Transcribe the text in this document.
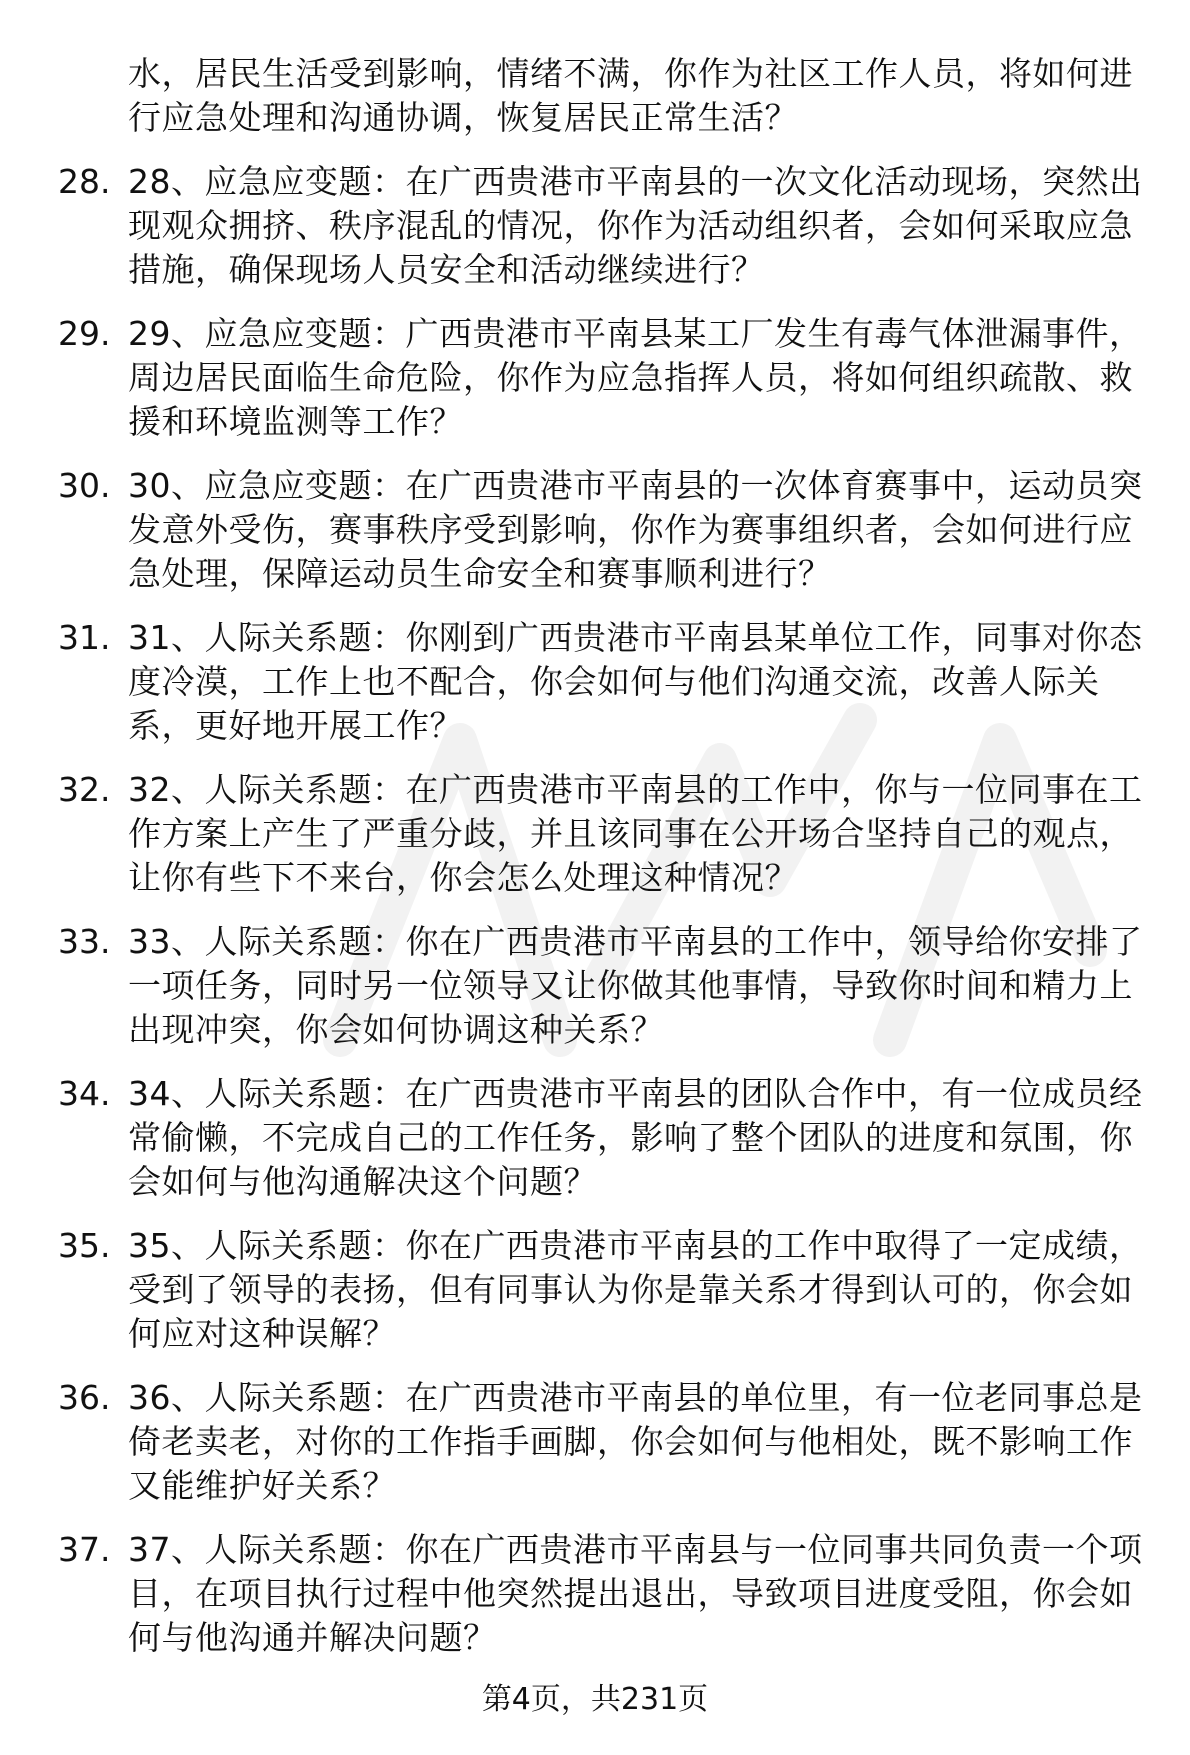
水，居民生活受到影响，情绪不满，你作为社区工作人员，将如何进行应急处理和沟通协调，恢复居民正常生活？
28. 28、应急应变题：在广西贵港市平南县的一次文化活动现场，突然出现观众拥挤、秩序混乱的情况，你作为活动组织者，会如何采取应急措施，确保现场人员安全和活动继续进行？
29. 29、应急应变题：广西贵港市平南县某工厂发生有毒气体泄漏事件，周边居民面临生命危险，你作为应急指挥人员，将如何组织疏散、救援和环境监测等工作？
30. 30、应急应变题：在广西贵港市平南县的一次体育赛事中，运动员突发意外受伤，赛事秩序受到影响，你作为赛事组织者，会如何进行应急处理，保障运动员生命安全和赛事顺利进行？
31. 31、人际关系题：你刚到广西贵港市平南县某单位工作，同事对你态度冷漠，工作上也不配合，你会如何与他们沟通交流，改善人际关系，更好地开展工作？
32. 32、人际关系题：在广西贵港市平南县的工作中，你与一位同事在工作方案上产生了严重分歧，并且该同事在公开场合坚持自己的观点，让你有些下不来台，你会怎么处理这种情况？
33. 33、人际关系题：你在广西贵港市平南县的工作中，领导给你安排了一项任务，同时另一位领导又让你做其他事情，导致你时间和精力上出现冲突，你会如何协调这种关系？
34. 34、人际关系题：在广西贵港市平南县的团队合作中，有一位成员经常偷懒，不完成自己的工作任务，影响了整个团队的进度和氛围，你会如何与他沟通解决这个问题？
35. 35、人际关系题：你在广西贵港市平南县的工作中取得了一定成绩，受到了领导的表扬，但有同事认为你是靠关系才得到认可的，你会如何应对这种误解？
36. 36、人际关系题：在广西贵港市平南县的单位里，有一位老同事总是倚老卖老，对你的工作指手画脚，你会如何与他相处，既不影响工作又能维护好关系？
37. 37、人际关系题：你在广西贵港市平南县与一位同事共同负责一个项目，在项目执行过程中他突然提出退出，导致项目进度受阻，你会如何与他沟通并解决问题？
第4页，共231页
